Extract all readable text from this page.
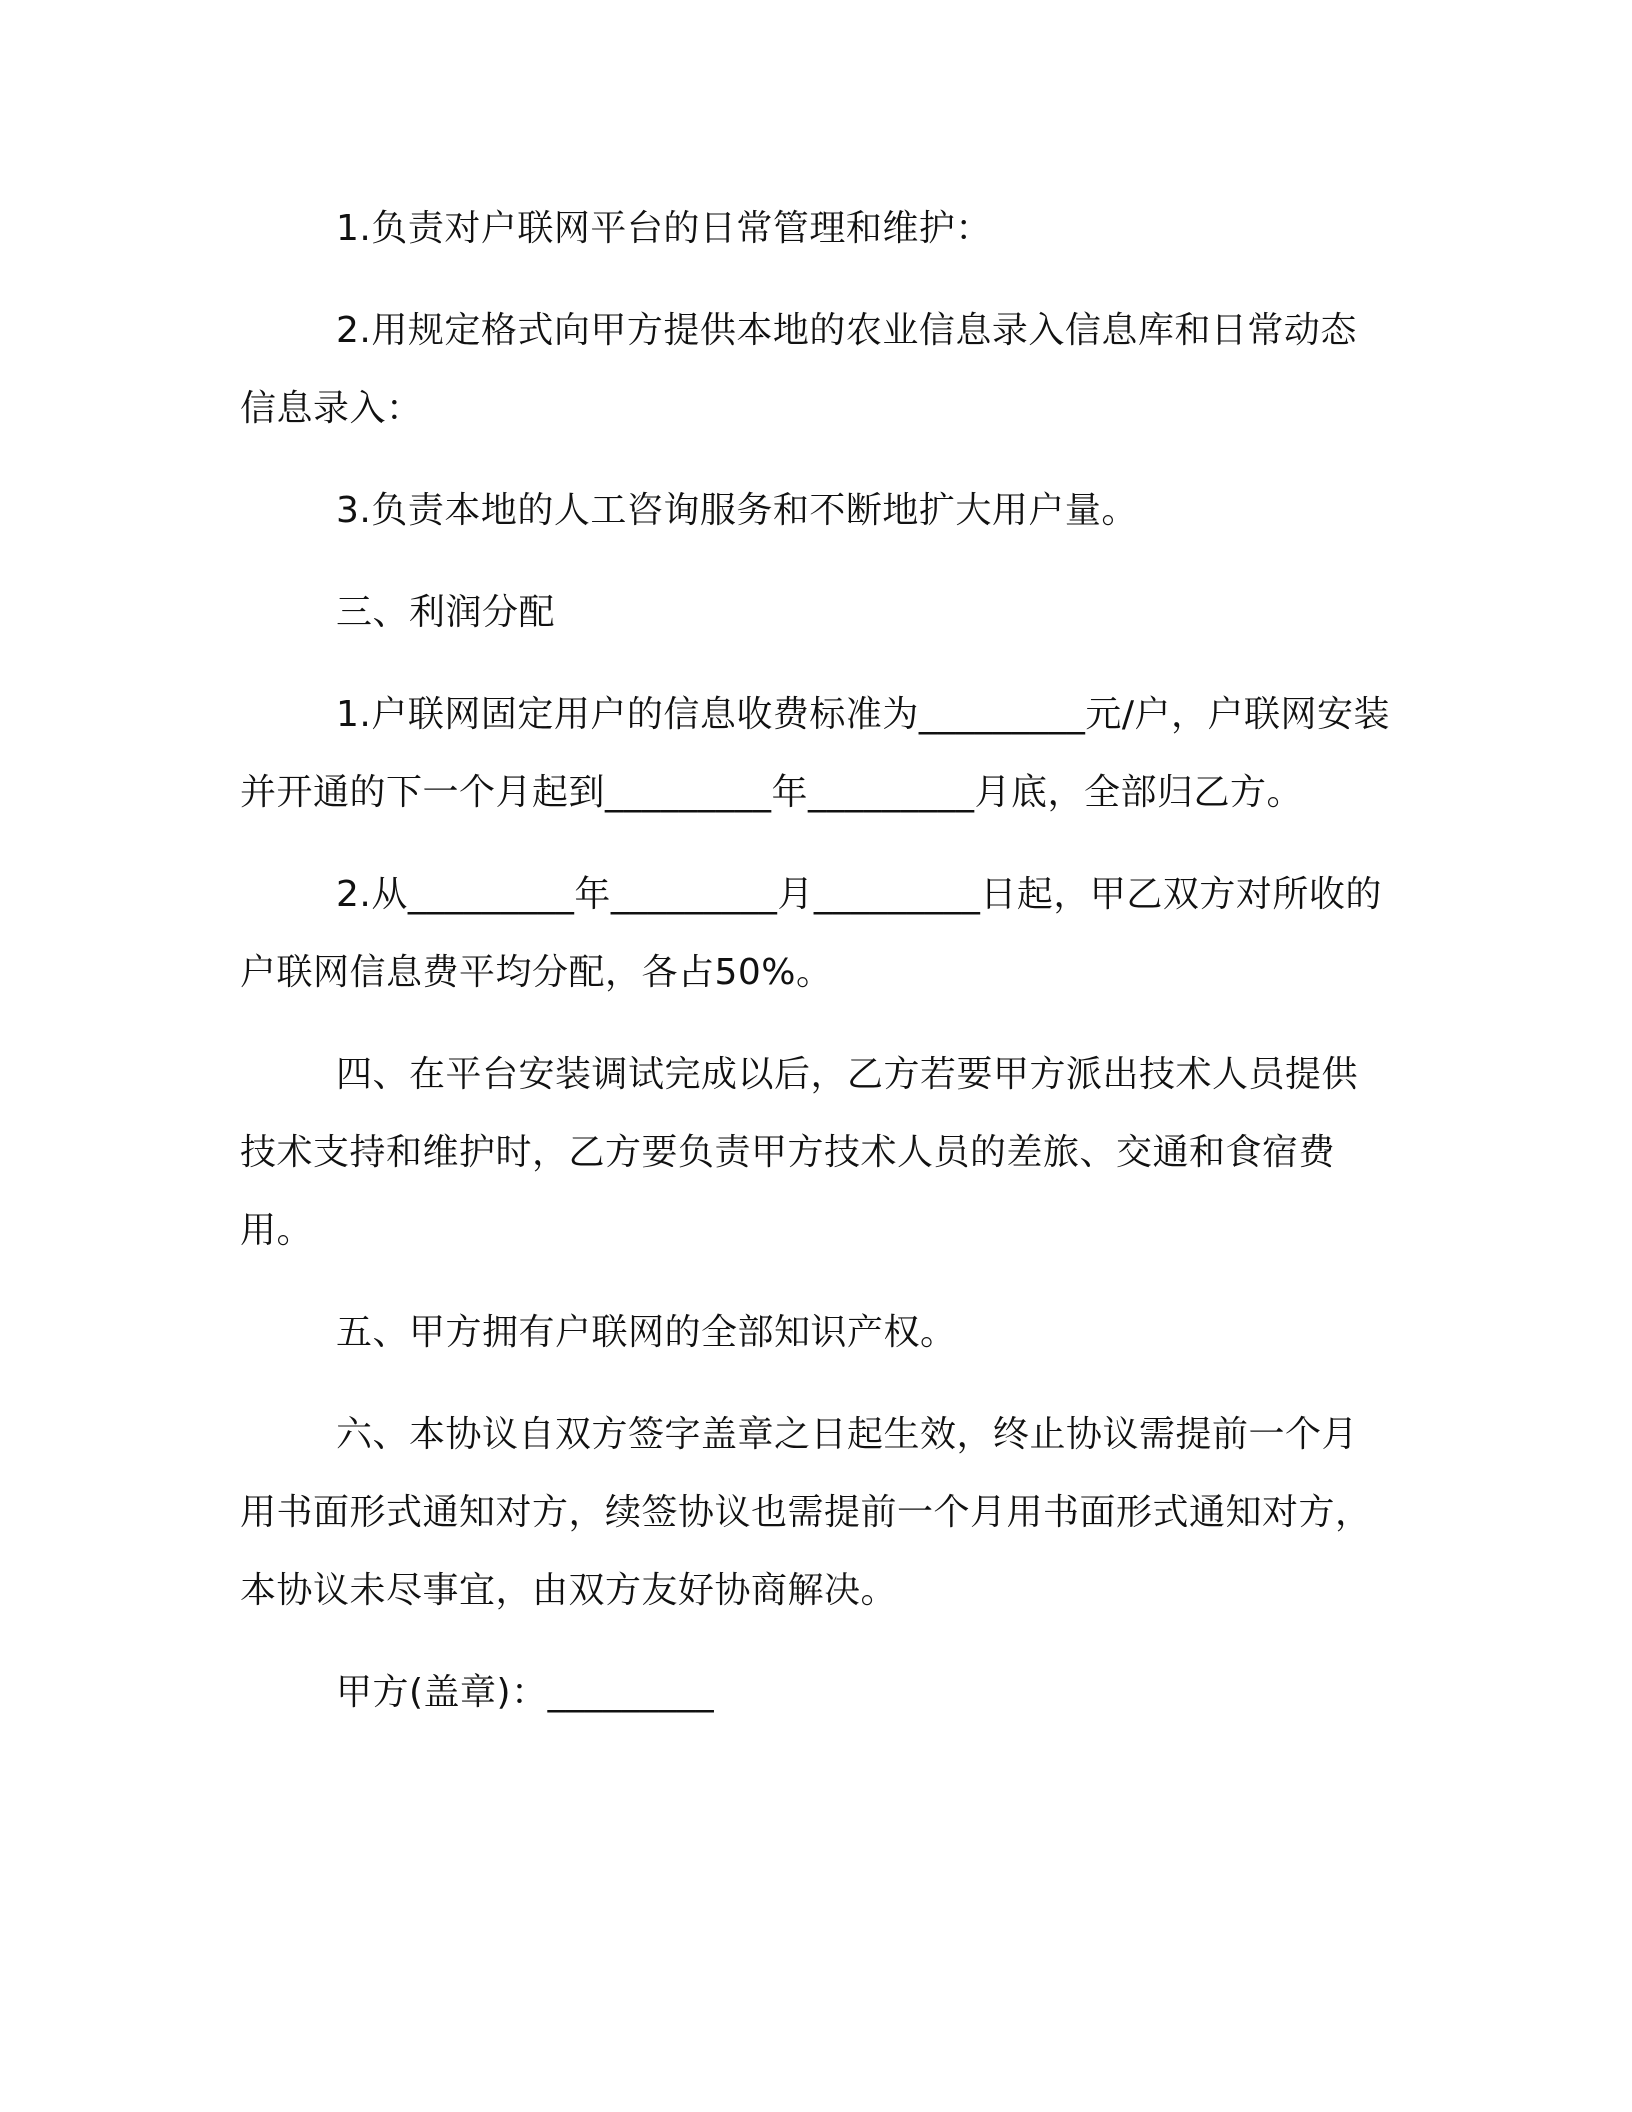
1.负责对户联网平台的日常管理和维护：

2.用规定格式向甲方提供本地的农业信息录入信息库和日常动态信息录入：

3.负责本地的人工咨询服务和不断地扩大用户量。

三、利润分配

1.户联网固定用户的信息收费标准为_________元/户，户联网安装并开通的下一个月起到_________年_________月底，全部归乙方。

2.从_________年_________月_________日起，甲乙双方对所收的户联网信息费平均分配，各占50%。

四、在平台安装调试完成以后，乙方若要甲方派出技术人员提供技术支持和维护时，乙方要负责甲方技术人员的差旅、交通和食宿费用。

五、甲方拥有户联网的全部知识产权。

六、本协议自双方签字盖章之日起生效，终止协议需提前一个月用书面形式通知对方，续签协议也需提前一个月用书面形式通知对方，本协议未尽事宜，由双方友好协商解决。

甲方(盖章)：_________
